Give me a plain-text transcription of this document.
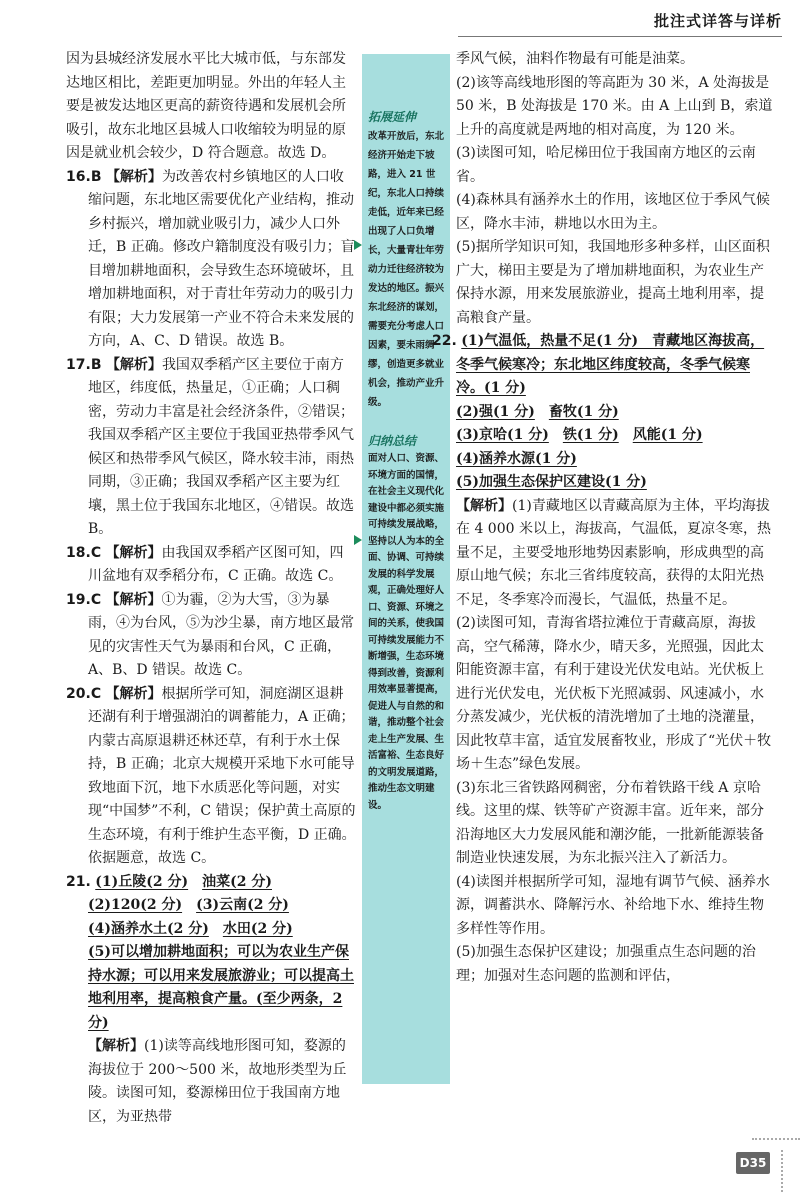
批注式详答与详析

因为县城经济发展水平比大城市低，与东部发达地区相比，差距更加明显。外出的年轻人主要是被发达地区更高的薪资待遇和发展机会所吸引，故东北地区县城人口收缩较为明显的原因是就业机会较少，D 符合题意。故选 D。

16.B 【解析】为改善农村乡镇地区的人口收缩问题，东北地区需要优化产业结构，推动乡村振兴，增加就业吸引力，减少人口外迁，B 正确。修改户籍制度没有吸引力；盲目增加耕地面积，会导致生态环境破坏，且增加耕地面积，对于青壮年劳动力的吸引力有限；大力发展第一产业不符合未来发展的方向，A、C、D 错误。故选 B。

17.B 【解析】我国双季稻产区主要位于南方地区，纬度低，热量足，①正确；人口稠密，劳动力丰富是社会经济条件，②错误；我国双季稻产区主要位于我国亚热带季风气候区和热带季风气候区，降水较丰沛，雨热同期，③正确；我国双季稻产区主要为红壤，黑土位于我国东北地区，④错误。故选 B。

18.C 【解析】由我国双季稻产区图可知，四川盆地有双季稻分布，C 正确。故选 C。

19.C 【解析】①为霾，②为大雪，③为暴雨，④为台风，⑤为沙尘暴，南方地区最常见的灾害性天气为暴雨和台风，C 正确，A、B、D 错误。故选 C。

20.C 【解析】根据所学可知，洞庭湖区退耕还湖有利于增强湖泊的调蓄能力，A 正确；内蒙古高原退耕还林还草，有利于水土保持，B 正确；北京大规模开采地下水可能导致地面下沉，地下水质恶化等问题，对实现“中国梦”不利，C 错误；保护黄土高原的生态环境，有利于维护生态平衡，D 正确。依据题意，故选 C。

21. (1)丘陵(2 分)　 油菜(2 分)

(2)120(2 分)　 (3)云南(2 分)

(4)涵养水土(2 分)　 水田(2 分)

(5)可以增加耕地面积；可以为农业生产保持水源；可以用来发展旅游业；可以提高土地利用率，提高粮食产量。(至少两条，2 分)

【解析】(1)读等高线地形图可知，婺源的海拔位于 200～500 米，故地形类型为丘陵。读图可知，婺源梯田位于我国南方地区，为亚热带

拓展延伸
改革开放后，东北经济开始走下坡路，进入 21 世纪，东北人口持续走低，近年来已经出现了人口负增长，大量青壮年劳动力迁往经济较为发达的地区。振兴东北经济的谋划，需要充分考虑人口因素，要未雨绸缪，创造更多就业机会，推动产业升级。
归纳总结
面对人口、资源、环境方面的国情，在社会主义现代化建设中都必须实施可持续发展战略，坚持以人为本的全面、协调、可持续发展的科学发展观，正确处理好人口、资源、环境之间的关系，使我国可持续发展能力不断增强，生态环境得到改善，资源利用效率显著提高，促进人与自然的和谐，推动整个社会走上生产发展、生活富裕、生态良好的文明发展道路，推动生态文明建设。

季风气候，油料作物最有可能是油菜。

(2)该等高线地形图的等高距为 30 米，A 处海拔是 50 米，B 处海拔是 170 米。由 A 上山到 B，索道上升的高度就是两地的相对高度，为 120 米。

(3)读图可知，哈尼梯田位于我国南方地区的云南省。

(4)森林具有涵养水土的作用，该地区位于季风气候区，降水丰沛，耕地以水田为主。

(5)据所学知识可知，我国地形多种多样，山区面积广大，梯田主要是为了增加耕地面积，为农业生产保持水源，用来发展旅游业，提高土地利用率，提高粮食产量。

22. (1)气温低，热量不足(1 分)　青藏地区海拔高，冬季气候寒冷；东北地区纬度较高，冬季气候寒冷。(1 分)

(2)强(1 分)　 畜牧(1 分)

(3)京哈(1 分)　 铁(1 分)　 风能(1 分)

(4)涵养水源(1 分)

(5)加强生态保护区建设(1 分)

【解析】(1)青藏地区以青藏高原为主体，平均海拔在 4 000 米以上，海拔高，气温低，夏凉冬寒，热量不足，主要受地形地势因素影响，形成典型的高原山地气候；东北三省纬度较高，获得的太阳光热不足，冬季寒冷而漫长，气温低，热量不足。

(2)读图可知，青海省塔拉滩位于青藏高原，海拔高，空气稀薄，降水少，晴天多，光照强，因此太阳能资源丰富，有利于建设光伏发电站。光伏板上进行光伏发电，光伏板下光照减弱、风速减小，水分蒸发减少，光伏板的清洗增加了土地的浇灌量，因此牧草丰富，适宜发展畜牧业，形成了“光伏＋牧场＋生态”绿色发展。

(3)东北三省铁路网稠密，分布着铁路干线 A 京哈线。这里的煤、铁等矿产资源丰富。近年来，部分沿海地区大力发展风能和潮汐能，一批新能源装备制造业快速发展，为东北振兴注入了新活力。

(4)读图并根据所学可知，湿地有调节气候、涵养水源，调蓄洪水、降解污水、补给地下水、维持生物多样性等作用。

(5)加强生态保护区建设；加强重点生态问题的治理；加强对生态问题的监测和评估，

D35
